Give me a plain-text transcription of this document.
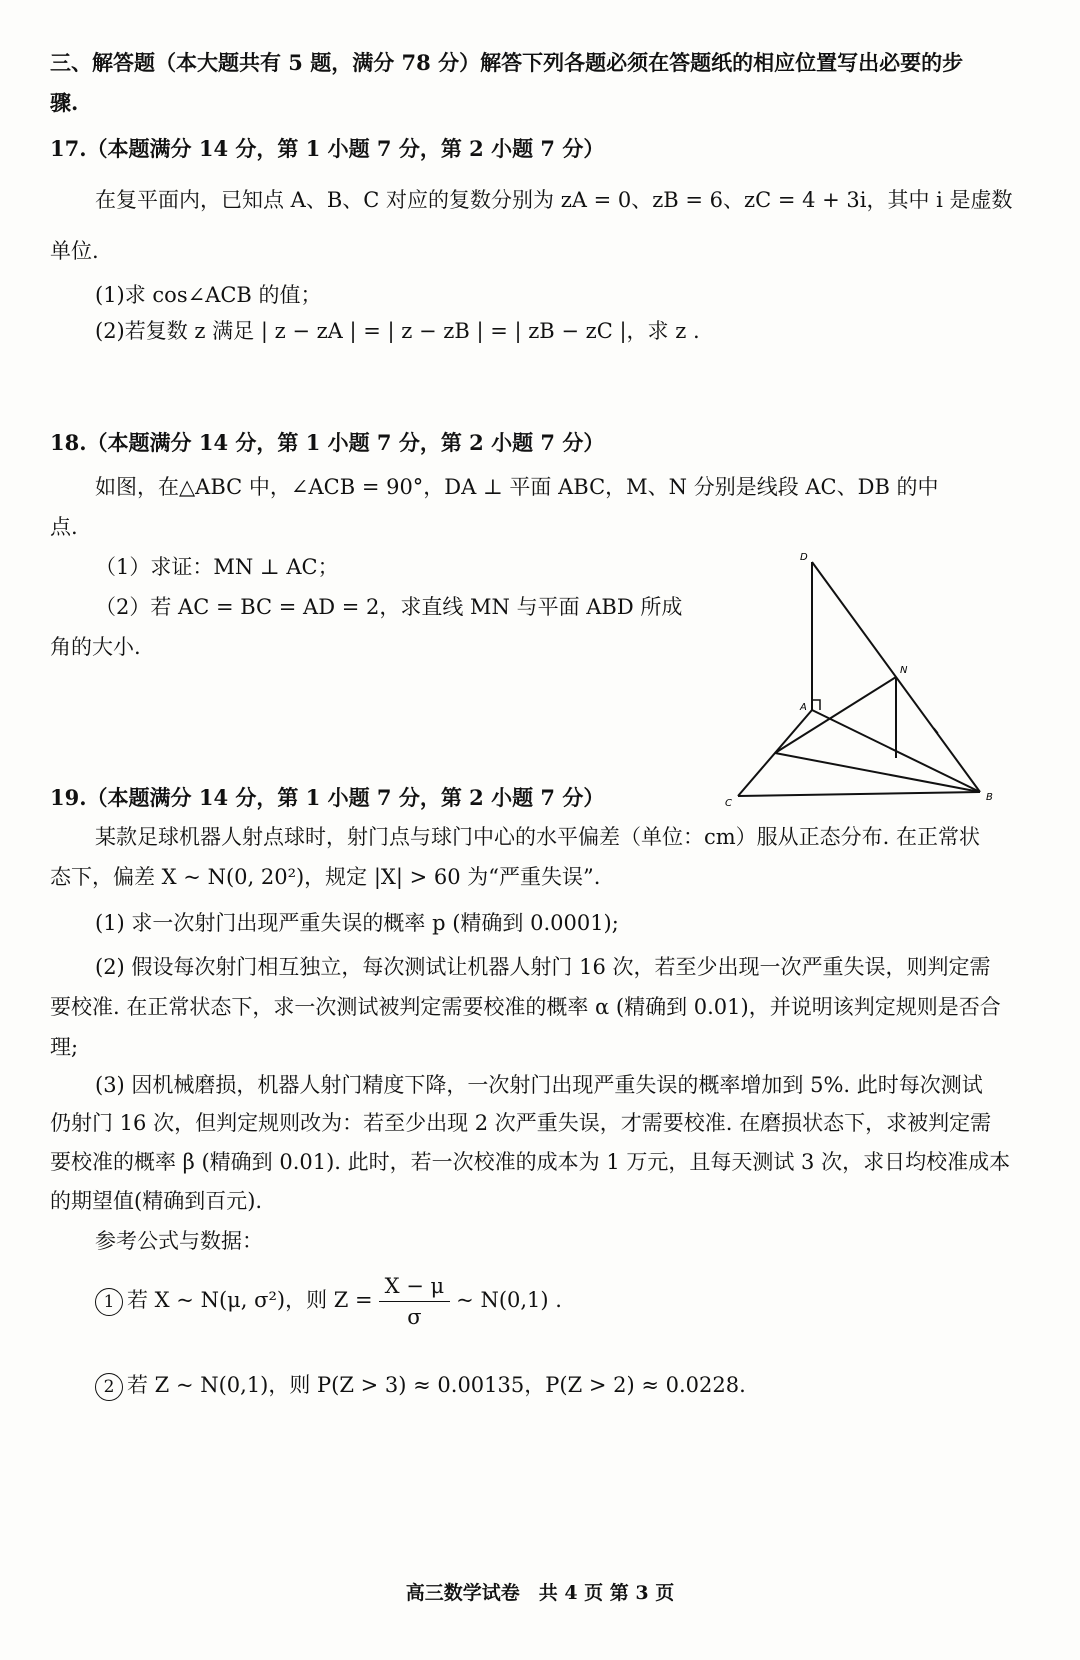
三、解答题（本大题共有 5 题，满分 78 分）解答下列各题必须在答题纸的相应位置写出必要的步
骤.
17.（本题满分 14 分，第 1 小题 7 分，第 2 小题 7 分）
在复平面内，已知点 A、B、C 对应的复数分别为 zA = 0、zB = 6、zC = 4 + 3i，其中 i 是虚数
单位.
(1)求 cos∠ACB 的值；
(2)若复数 z 满足 | z − zA | = | z − zB | = | zB − zC |，求 z .
18.（本题满分 14 分，第 1 小题 7 分，第 2 小题 7 分）
如图，在△ABC 中，∠ACB = 90°，DA ⊥ 平面 ABC，M、N 分别是线段 AC、DB 的中
点.
（1）求证：MN ⊥ AC；
（2）若 AC = BC = AD = 2，求直线 MN 与平面 ABD 所成
角的大小.
D
N
A
C
B
19.（本题满分 14 分，第 1 小题 7 分，第 2 小题 7 分）
某款足球机器人射点球时，射门点与球门中心的水平偏差（单位：cm）服从正态分布. 在正常状
态下，偏差 X ~ N(0, 20²)，规定 |X| > 60 为“严重失误”.
(1) 求一次射门出现严重失误的概率 p (精确到 0.0001);
(2) 假设每次射门相互独立，每次测试让机器人射门 16 次，若至少出现一次严重失误，则判定需
要校准. 在正常状态下，求一次测试被判定需要校准的概率 α (精确到 0.01)，并说明该判定规则是否合
理;
(3) 因机械磨损，机器人射门精度下降，一次射门出现严重失误的概率增加到 5%. 此时每次测试
仍射门 16 次，但判定规则改为：若至少出现 2 次严重失误，才需要校准. 在磨损状态下，求被判定需
要校准的概率 β (精确到 0.01). 此时，若一次校准的成本为 1 万元，且每天测试 3 次，求日均校准成本
的期望值(精确到百元).
参考公式与数据：
1 若 X ~ N(μ, σ²)，则 $Z = \frac{X - \mu}{\sigma}$ ~ N(0,1) .
2 若 Z ~ N(0,1)，则 P(Z > 3) ≈ 0.00135，P(Z > 2) ≈ 0.0228.
高三数学试卷　共 4 页 第 3 页
